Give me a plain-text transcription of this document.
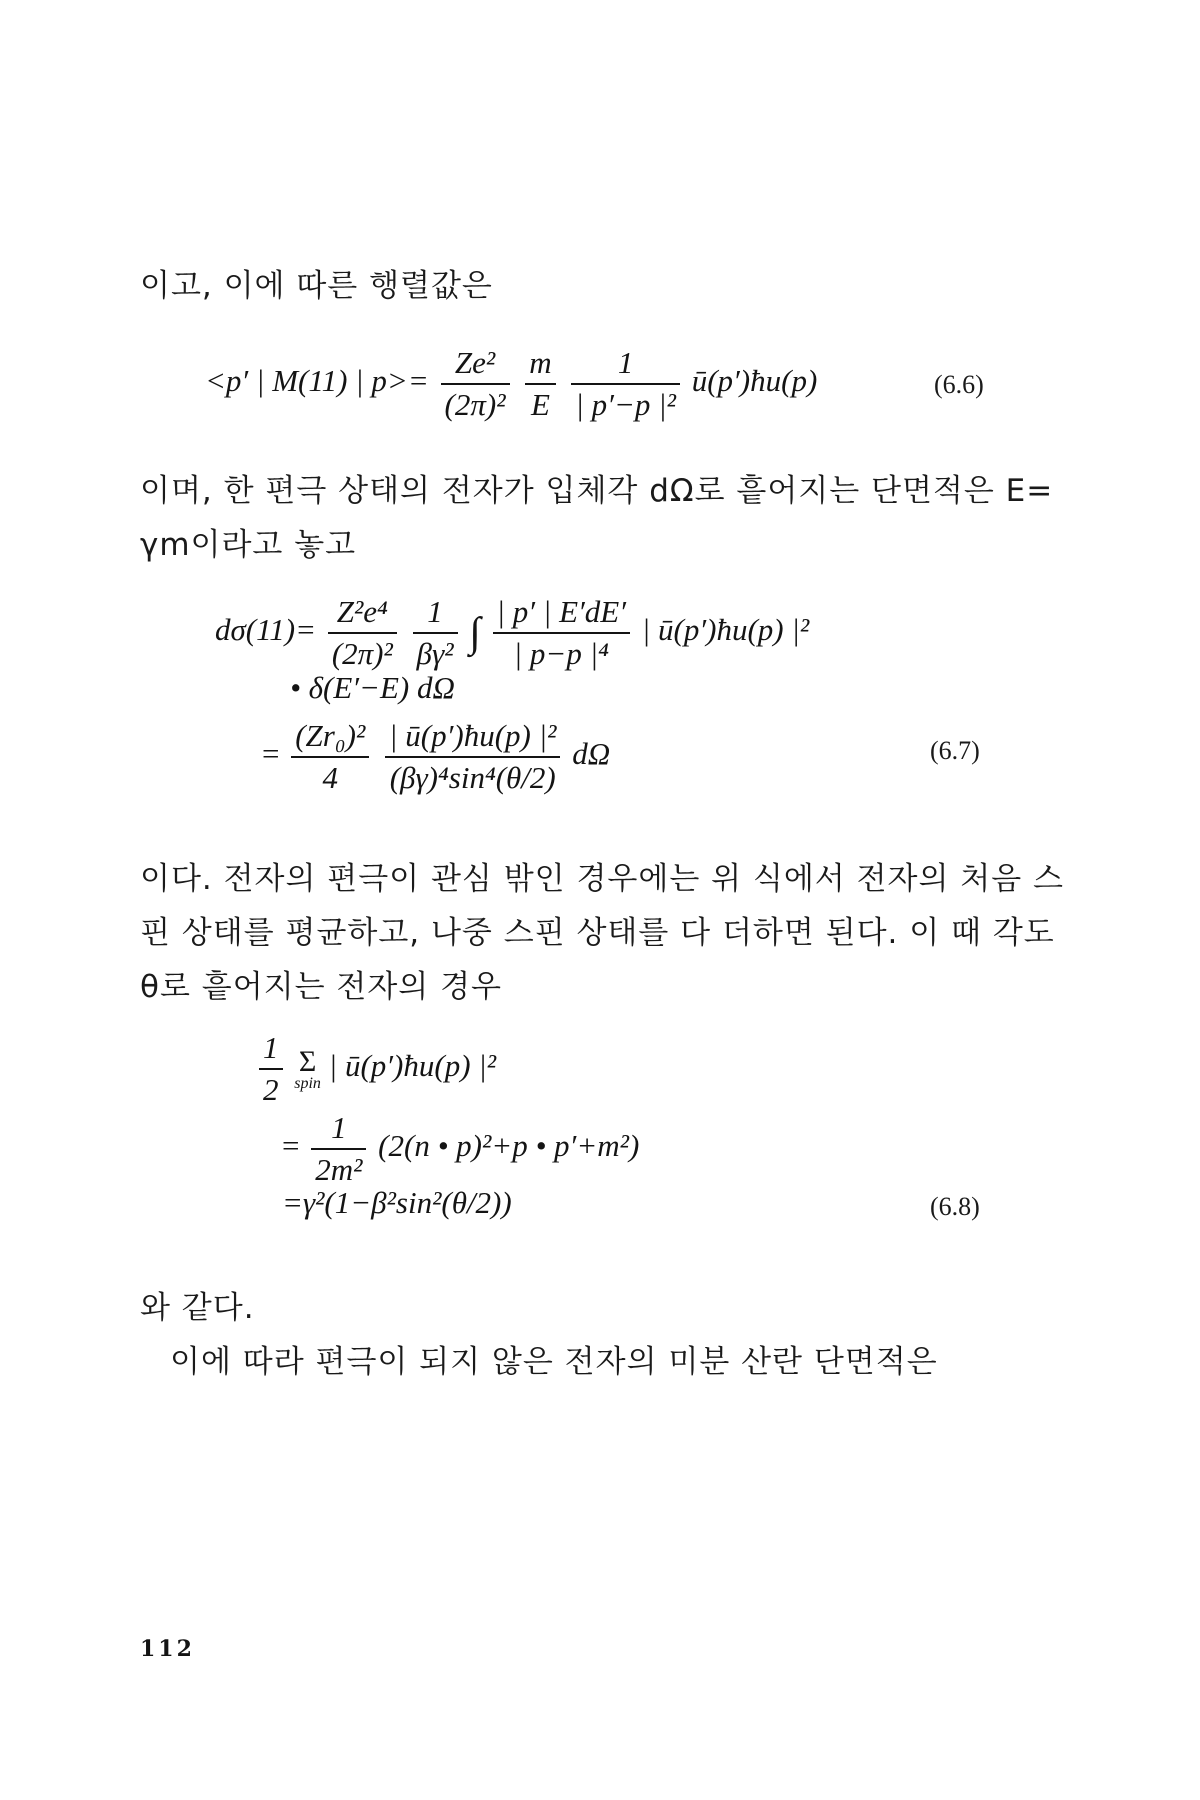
이고, 이에 따른 행렬값은
<p′ | M(11) | $p>= \frac{\text{Ze²}}{\text{(2π)²}}$
$\frac{m}{E}$
$\frac{1}{\text{| p′−p |²}}$ ū(p′)ħu(p)	(6.6)
이며, 한 편극 상태의 전자가 입체각 dΩ로 흩어지는 단면적은 E=
γm이라고 놓고
$d\sigma(11)= \frac{\text{Z²e⁴}}{\text{(2π)²}}$
$\frac{1}{\text{βγ²}}$ ∫ $\frac{| p' | E'dE'}{\text{| p−p |⁴}}$ | ū(p′)ħu(p) |²
• δ(E′−E) dΩ
= $\frac{\text{(Zr₀)²}}{4}$
$\frac{\text{| ū(p′)ħu(p) |²}}{\text{(βγ)⁴sin⁴(θ/2)}}$ dΩ	(6.7)
이다. 전자의 편극이 관심 밖인 경우에는 위 식에서 전자의 처음 스
핀 상태를 평균하고, 나중 스핀 상태를 다 더하면 된다. 이 때 각도
θ로 흩어지는 전자의 경우
$\frac{1}{2}$
Σ
spin
| ū(p′)ħu(p) |²
= $\frac{1}{\text{2m²}} (2(n$ • p)²+p • p′+m²)
=γ²(1−β²sin²(θ/2))	(6.8)
와 같다.
이에 따라 편극이 되지 않은 전자의 미분 산란 단면적은
112
